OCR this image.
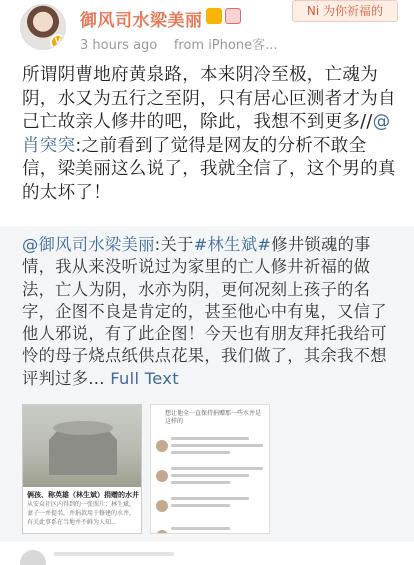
V
御风司水梁美丽
3 hours ago from iPhone客...
Ni 为你祈福的
所谓阴曹地府黄泉路，本来阴冷至极，亡魂为阴，水又为五行之至阴，只有居心叵测者才为自己亡故亲人修井的吧，除此，我想不到更多//@肖突突:之前看到了觉得是网友的分析不敢全信，梁美丽这么说了，我就全信了，这个男的真的太坏了！
@御风司水梁美丽:关于#林生斌#修井锁魂的事情，我从来没听说过为家里的亡人修井祈福的做法，亡人为阴，水亦为阴，更何况刻上孩子的名字，企图不良是肯定的，甚至他心中有鬼，又信了他人邪说，有了此企图！今天也有朋友拜托我给可怜的母子烧点纸供点花果，我们做了，其余我不想评判过多... Full Text
俩孩、称英雄（林生斌）捐赠的水井
从安众社区内得到的一张照片；林生斌、妻子一并提名，并捐款用于修建的水井，有关此事系在当地并不鲜为人知...
想让他全一直保持捐赠那一些水井是这样的
